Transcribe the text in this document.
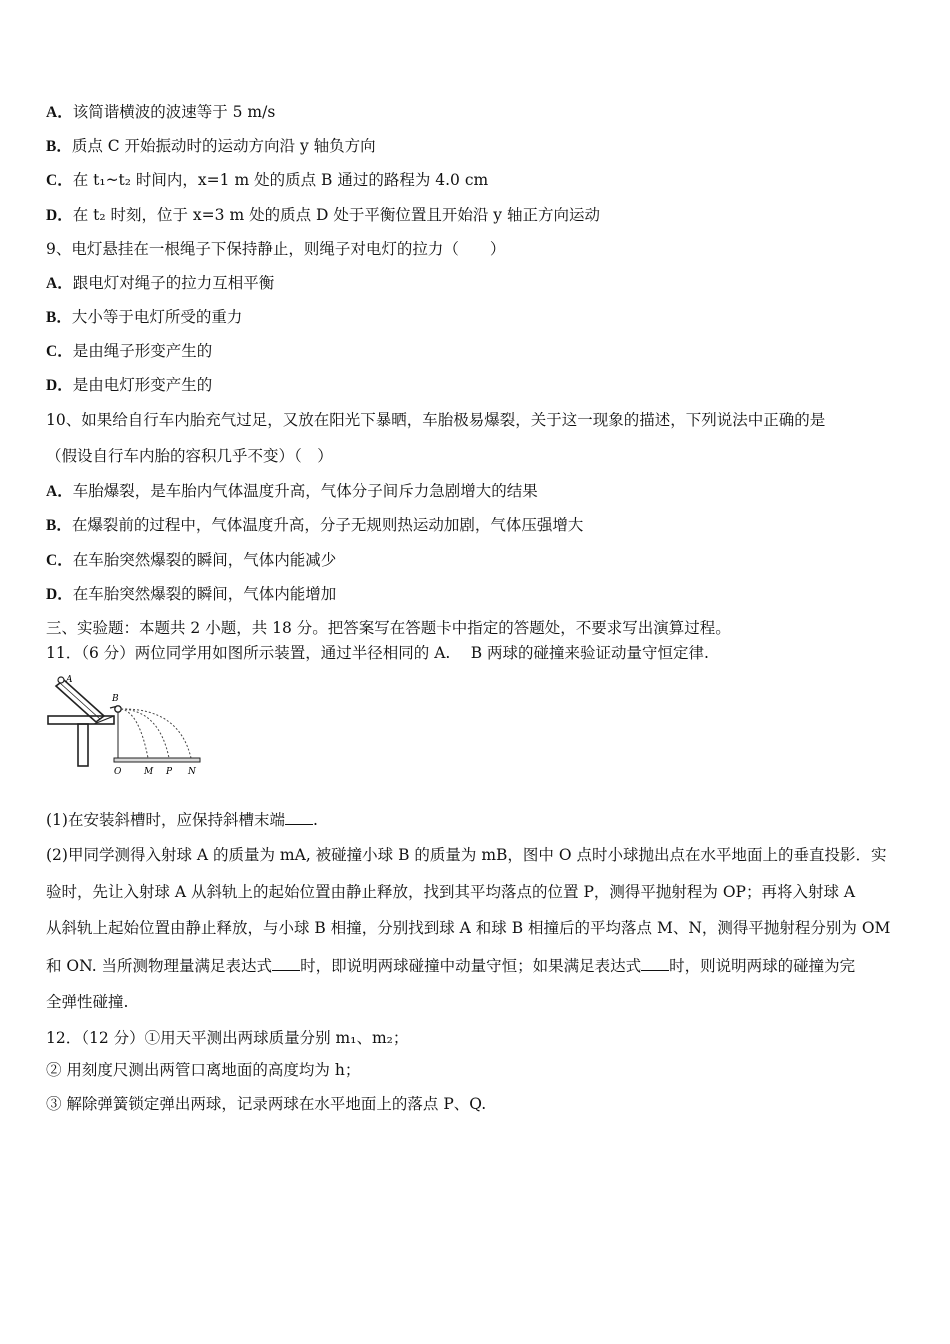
A．该简谐横波的波速等于 5 m/s
B．质点 C 开始振动时的运动方向沿 y 轴负方向
C．在 t₁~t₂ 时间内，x=1 m 处的质点 B 通过的路程为 4.0 cm
D．在 t₂ 时刻，位于 x=3 m 处的质点 D 处于平衡位置且开始沿 y 轴正方向运动
9、电灯悬挂在一根绳子下保持静止，则绳子对电灯的拉力（　　）
A．跟电灯对绳子的拉力互相平衡
B．大小等于电灯所受的重力
C．是由绳子形变产生的
D．是由电灯形变产生的
10、如果给自行车内胎充气过足，又放在阳光下暴晒，车胎极易爆裂，关于这一现象的描述，下列说法中正确的是
（假设自行车内胎的容积几乎不变）（　）
A．车胎爆裂，是车胎内气体温度升高，气体分子间斥力急剧增大的结果
B．在爆裂前的过程中，气体温度升高，分子无规则热运动加剧，气体压强增大
C．在车胎突然爆裂的瞬间，气体内能减少
D．在车胎突然爆裂的瞬间，气体内能增加
三、实验题：本题共 2 小题，共 18 分。把答案写在答题卡中指定的答题处，不要求写出演算过程。
11．（6 分）两位同学用如图所示装置，通过半径相同的 A.　 B 两球的碰撞来验证动量守恒定律.
A
B
O	M P N
(1)在安装斜槽时，应保持斜槽末端 .
(2)甲同学测得入射球 A 的质量为 mA, 被碰撞小球 B 的质量为 mB，图中 O 点时小球抛出点在水平地面上的垂直投影．实
验时，先让入射球 A 从斜轨上的起始位置由静止释放，找到其平均落点的位置 P，测得平抛射程为 OP；再将入射球 A
从斜轨上起始位置由静止释放，与小球 B 相撞，分别找到球 A 和球 B 相撞后的平均落点 M、N，测得平抛射程分别为 OM
和 ON. 当所测物理量满足表达式 时，即说明两球碰撞中动量守恒；如果满足表达式 时，则说明两球的碰撞为完
全弹性碰撞.
12．（12 分）①用天平测出两球质量分别 m₁、m₂；
② 用刻度尺测出两管口离地面的高度均为 h；
③ 解除弹簧锁定弹出两球，记录两球在水平地面上的落点 P、Q.
